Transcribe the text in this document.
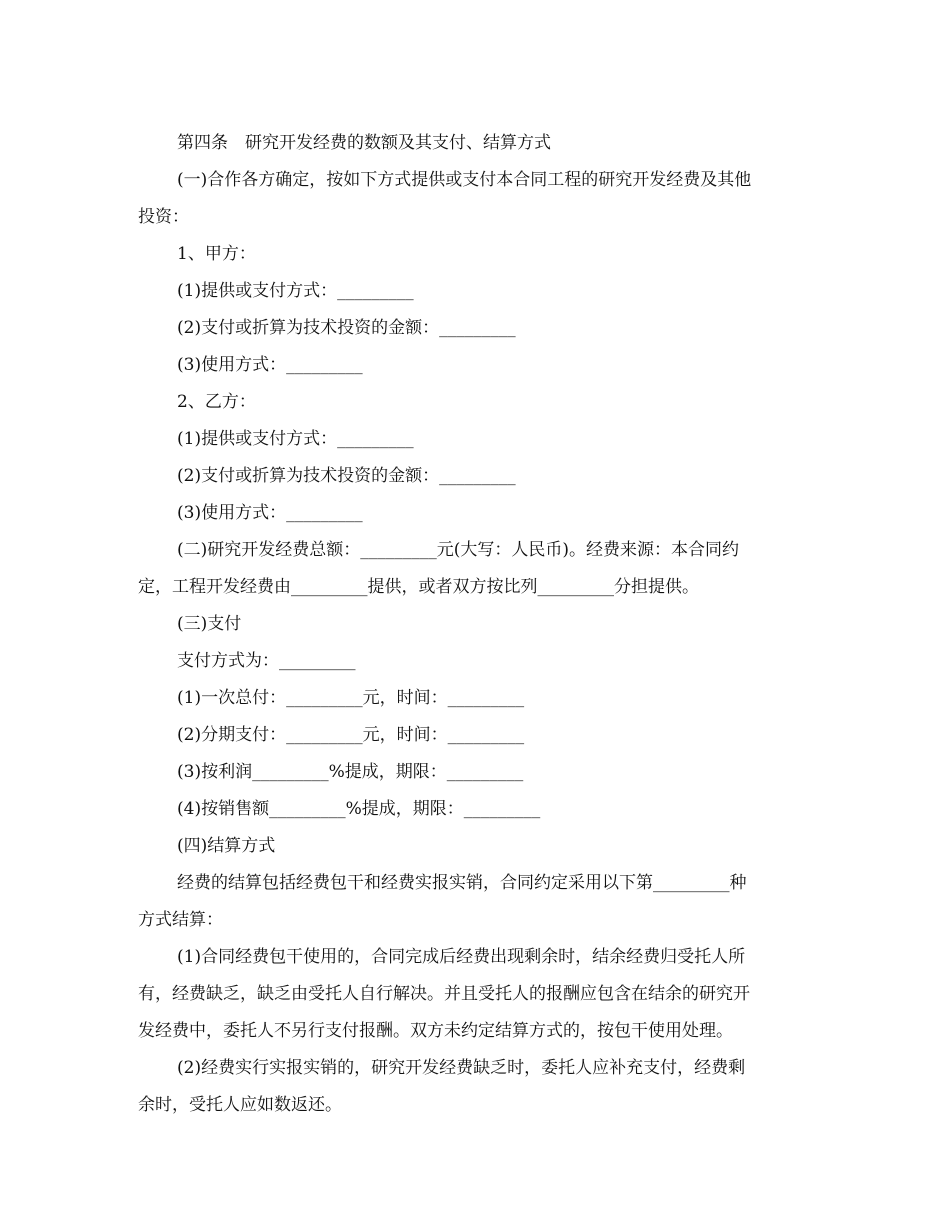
第四条　研究开发经费的数额及其支付、结算方式
(一)合作各方确定，按如下方式提供或支付本合同工程的研究开发经费及其他
投资：
1、甲方：
(1)提供或支付方式：_________
(2)支付或折算为技术投资的金额：_________
(3)使用方式：_________
2、乙方：
(1)提供或支付方式：_________
(2)支付或折算为技术投资的金额：_________
(3)使用方式：_________
(二)研究开发经费总额：_________元(大写：人民币)。经费来源：本合同约
定，工程开发经费由_________提供，或者双方按比列_________分担提供。
(三)支付
支付方式为：_________
(1)一次总付：_________元，时间：_________
(2)分期支付：_________元，时间：_________
(3)按利润_________%提成，期限：_________
(4)按销售额_________%提成，期限：_________
(四)结算方式
经费的结算包括经费包干和经费实报实销，合同约定采用以下第_________种
方式结算：
(1)合同经费包干使用的，合同完成后经费出现剩余时，结余经费归受托人所
有，经费缺乏，缺乏由受托人自行解决。并且受托人的报酬应包含在结余的研究开
发经费中，委托人不另行支付报酬。双方未约定结算方式的，按包干使用处理。
(2)经费实行实报实销的，研究开发经费缺乏时，委托人应补充支付，经费剩
余时，受托人应如数返还。
